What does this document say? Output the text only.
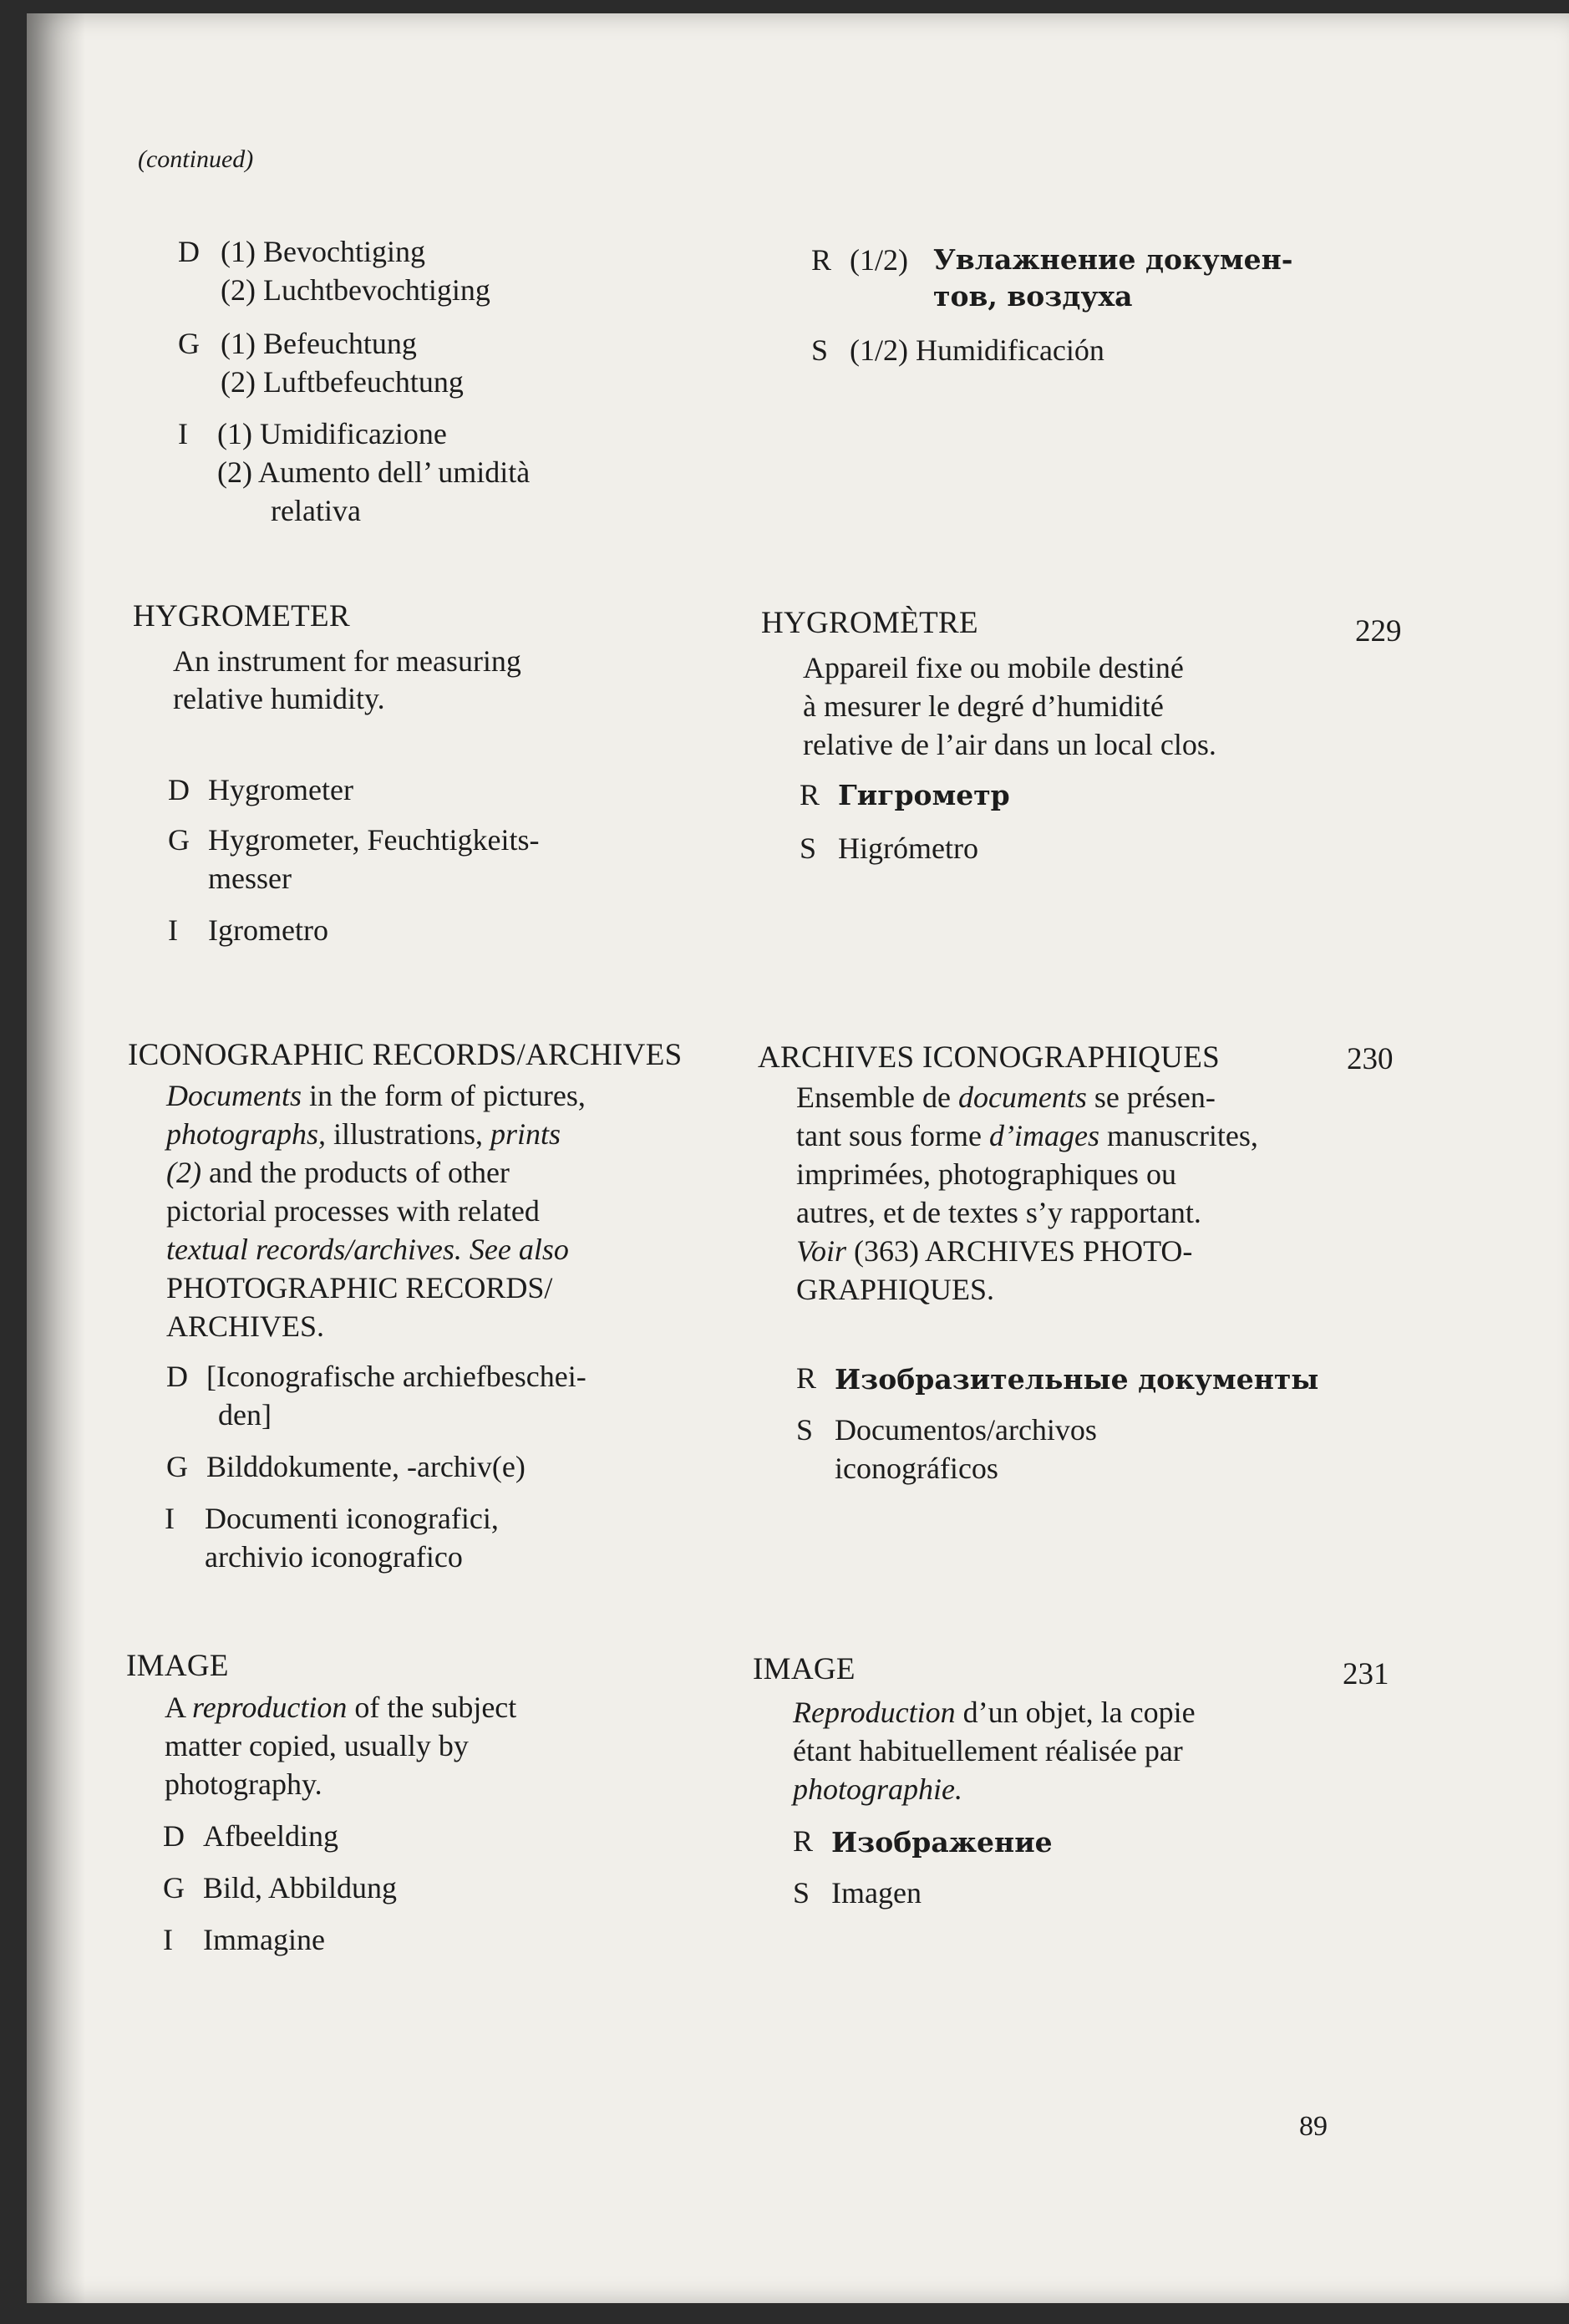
(continued)
D (1) Bevochtiging
(2) Luchtbevochtiging
G (1) Befeuchtung
(2) Luftbefeuchtung
I (1) Umidificazione
(2) Aumento dell’ umidità
relativa
R (1/2) Увлажнение докумен-
тов, воздуха
S (1/2) Humidificación
HYGROMETER
An instrument for measuring
relative humidity.
HYGROMÈTRE	229
Appareil fixe ou mobile destiné
à mesurer le degré d’humidité
relative de l’air dans un local clos.
D Hygrometer
G Hygrometer, Feuchtigkeits-
messer
I Igrometro
R Гигрометр
S Higrómetro
ICONOGRAPHIC RECORDS/ARCHIVES
Documents in the form of pictures,
photographs, illustrations, prints
(2) and the products of other
pictorial processes with related
textual records/archives. See also
PHOTOGRAPHIC RECORDS/
ARCHIVES.
ARCHIVES ICONOGRAPHIQUES	230
Ensemble de documents se présen-
tant sous forme d’images manuscrites,
imprimées, photographiques ou
autres, et de textes s’y rapportant.
Voir (363) ARCHIVES PHOTO-
GRAPHIQUES.
D [Iconografische archiefbeschei-
den]
G Bilddokumente, -archiv(e)
I Documenti iconografici,
archivio iconografico
R Изобразительные документы
S Documentos/archivos
iconográficos
IMAGE
A reproduction of the subject
matter copied, usually by
photography.
IMAGE	231
Reproduction d’un objet, la copie
étant habituellement réalisée par
photographie.
D Afbeelding
G Bild, Abbildung
I Immagine
R Изображение
S Imagen
89
